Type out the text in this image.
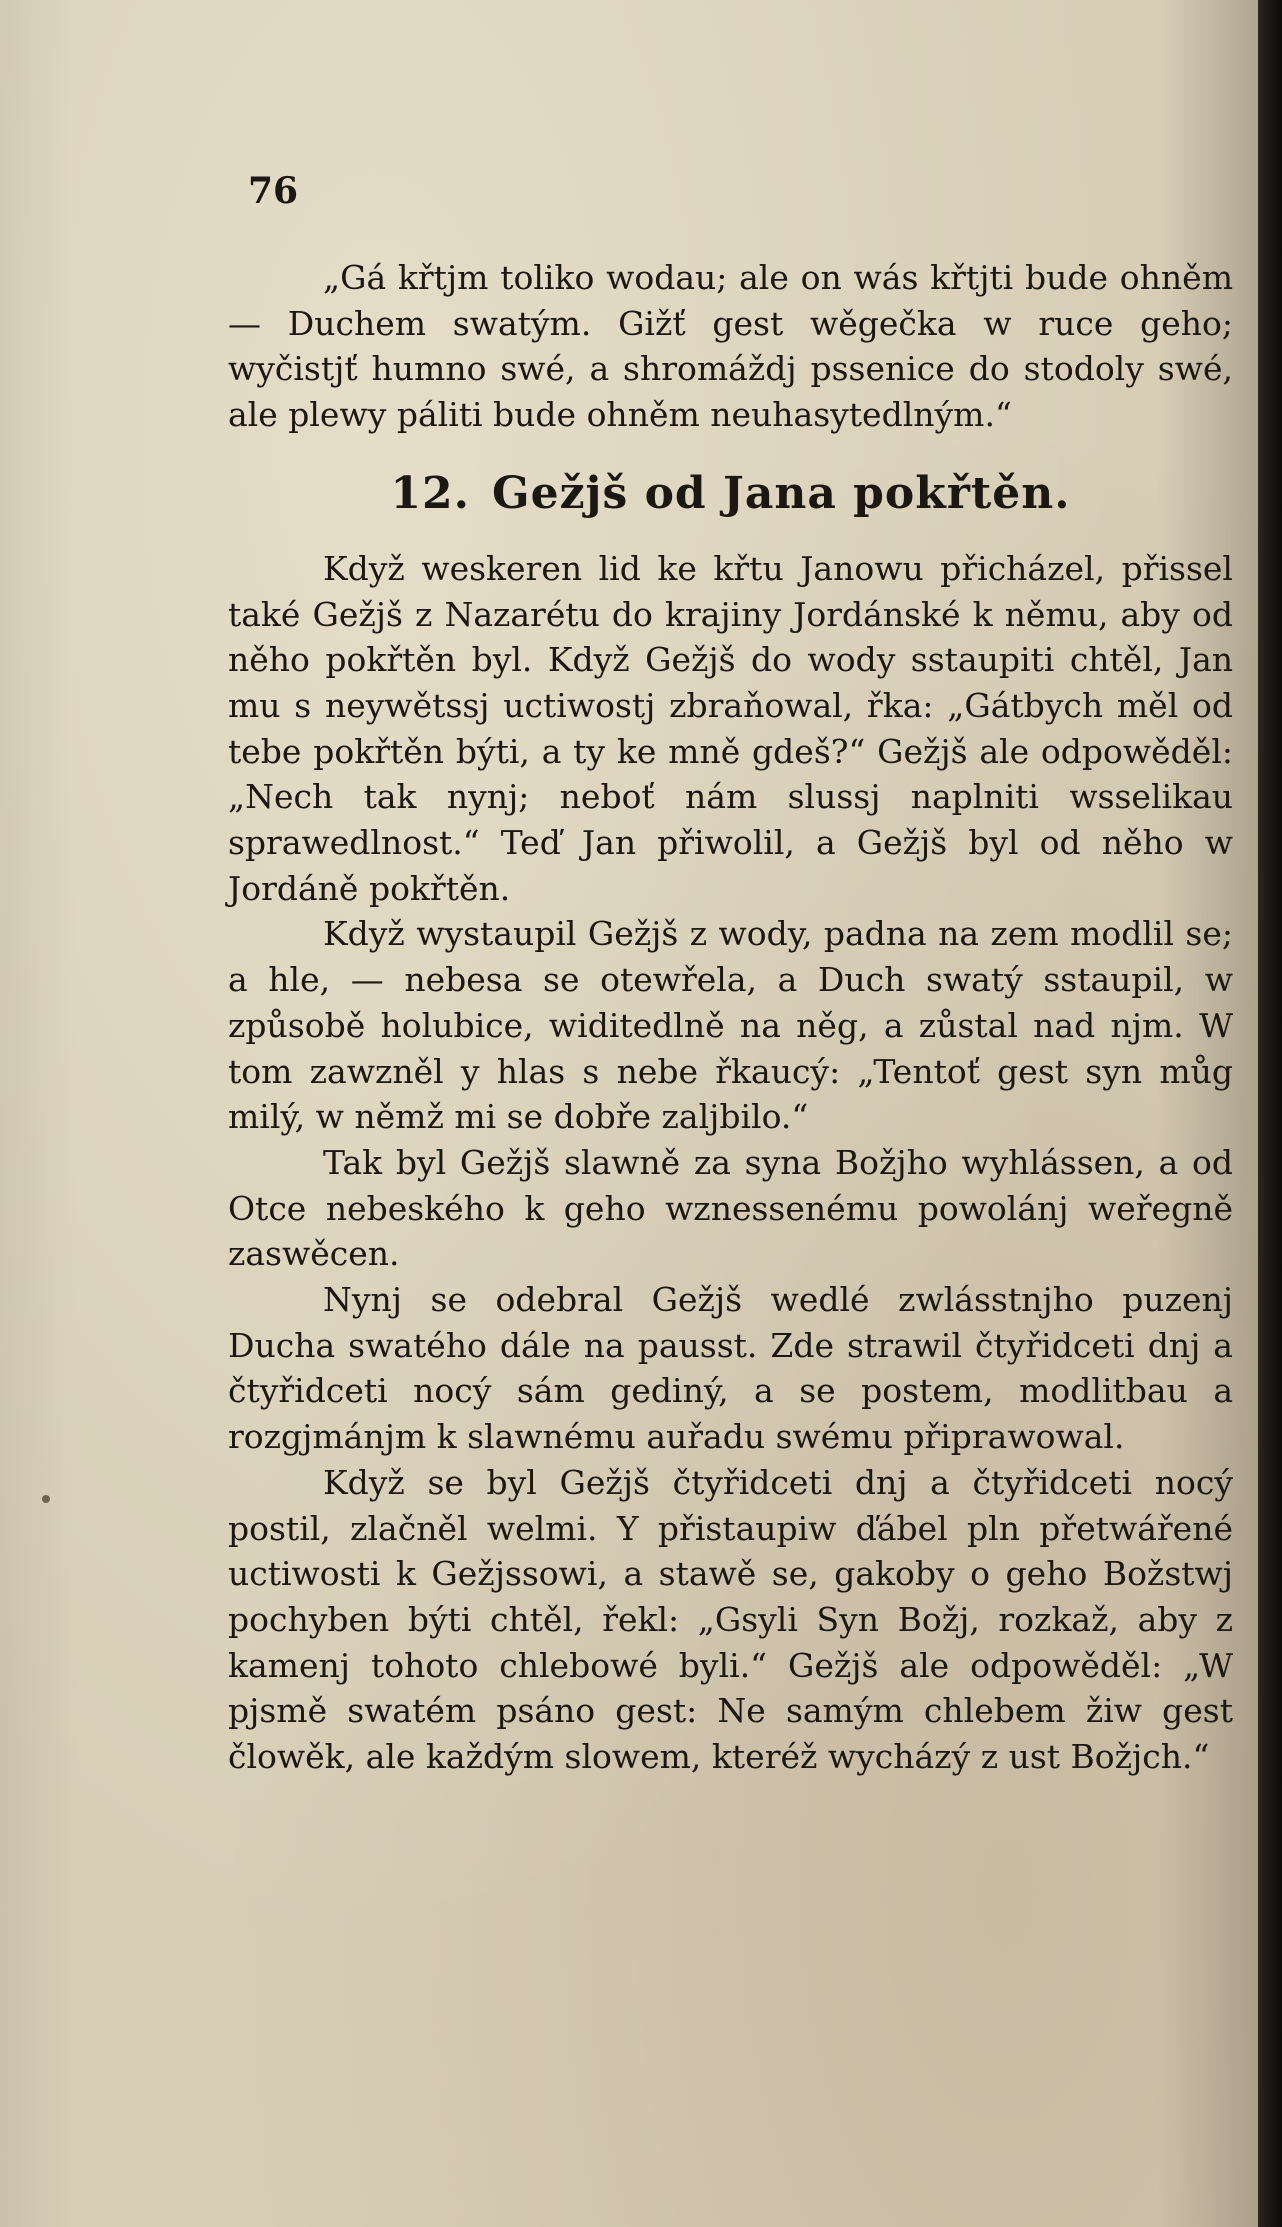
76

„Gá křtjm toliko wodau; ale on wás křtjti bude ohněm — Duchem swatým. Gižť gest wěgečka w ruce geho; wyčistjť humno swé, a shromáždj pssenice do stodoly swé, ale plewy páliti bude ohněm neuhasytedlným.“

12. Gežjš od Jana pokřtěn.

Když weskeren lid ke křtu Janowu přicházel, přissel také Gežjš z Nazarétu do krajiny Jordánské k němu, aby od něho pokřtěn byl. Když Gežjš do wody sstaupiti chtěl, Jan mu s neywětssj uctiwostj zbraňowal, řka: „Gátbych měl od tebe pokřtěn býti, a ty ke mně gdeš?“ Gežjš ale odpowěděl: „Nech tak nynj; neboť nám slussj naplniti wsselikau sprawedlnost.“ Teď Jan přiwolil, a Gežjš byl od něho w Jordáně pokřtěn.

Když wystaupil Gežjš z wody, padna na zem modlil se; a hle, — nebesa se otewřela, a Duch swatý sstaupil, w způsobě holubice, widitedlně na něg, a zůstal nad njm. W tom zawzněl y hlas s nebe řkaucý: „Tentoť gest syn můg milý, w němž mi se dobře zaljbilo.“

Tak byl Gežjš slawně za syna Božjho wyhlássen, a od Otce nebeského k geho wznessenému powolánj weřegně zaswěcen.

Nynj se odebral Gežjš wedlé zwlásstnjho puzenj Ducha swatého dále na pausst. Zde strawil čtyřidceti dnj a čtyřidceti nocý sám gediný, a se postem, modlitbau a rozgjmánjm k slawnému auřadu swému připrawowal.

Když se byl Gežjš čtyřidceti dnj a čtyřidceti nocý postil, zlačněl welmi. Y přistaupiw ďábel pln přetwářené uctiwosti k Gežjssowi, a stawě se, gakoby o geho Božstwj pochyben býti chtěl, řekl: „Gsyli Syn Božj, rozkaž, aby z kamenj tohoto chlebowé byli.“ Gežjš ale odpowěděl: „W pjsmě swatém psáno gest: Ne samým chlebem žiw gest člowěk, ale každým slowem, kteréž wycházý z ust Božjch.“
